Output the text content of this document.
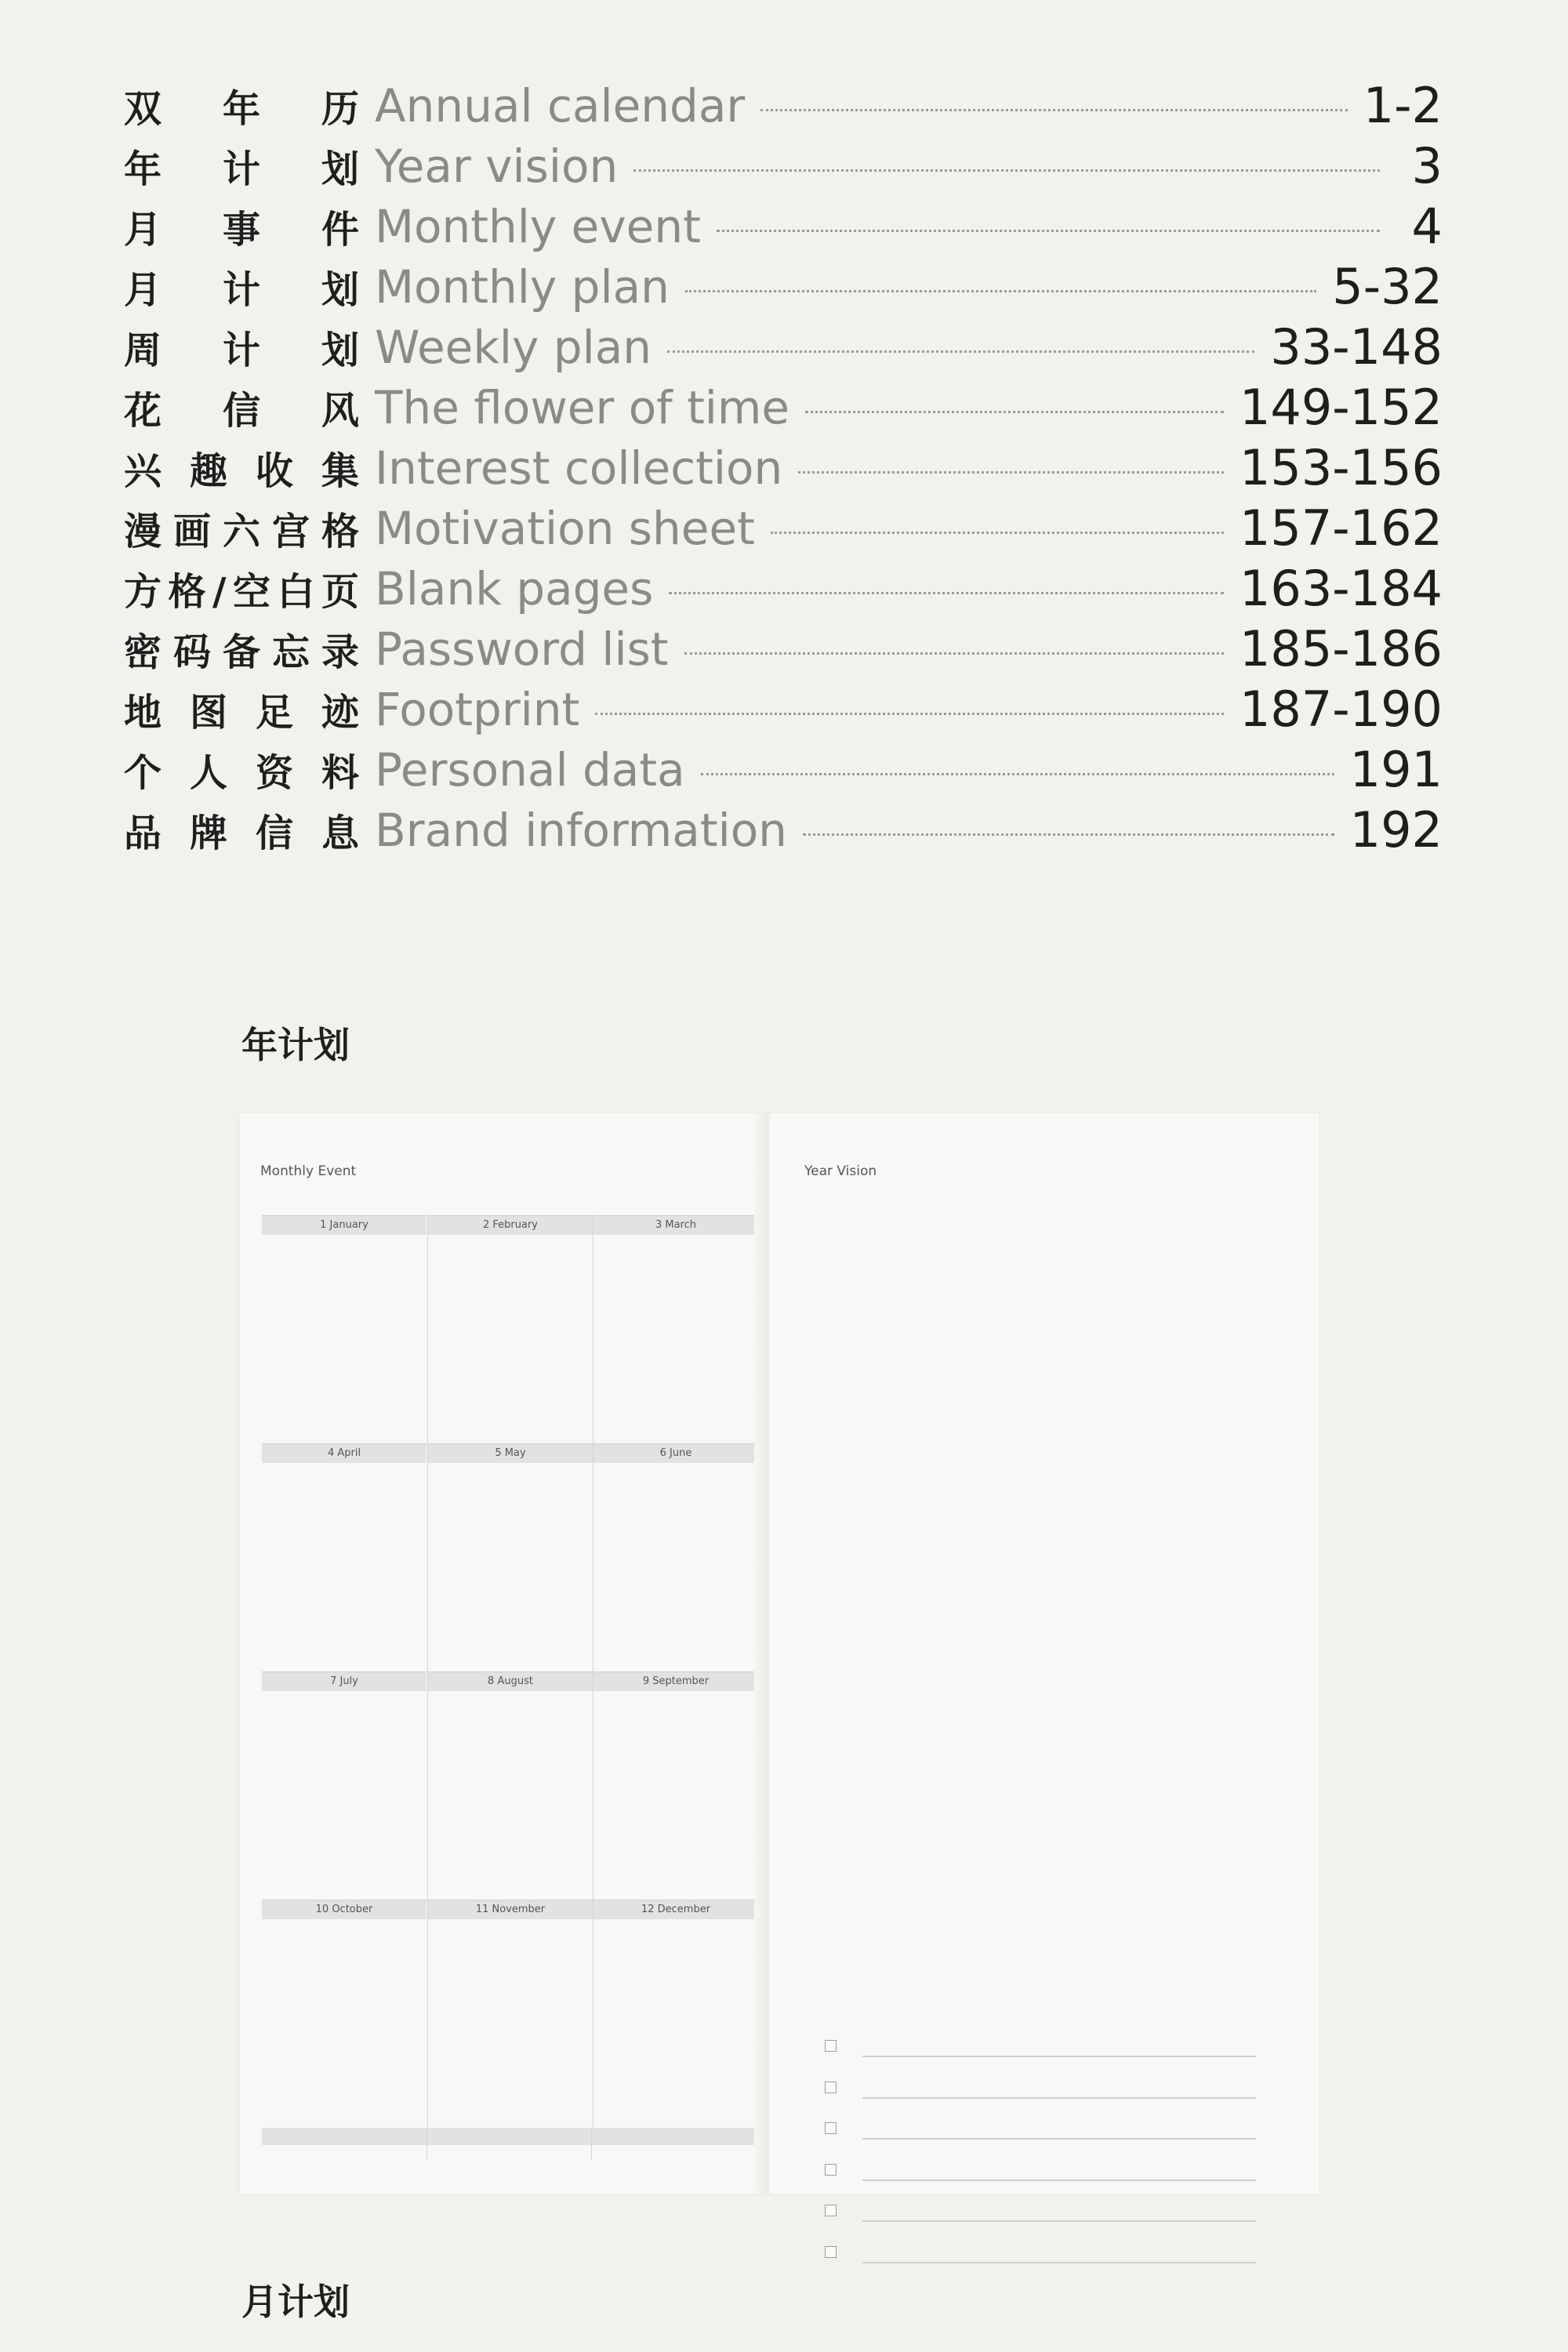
双年历 Annual calendar	1-2
年计划 Year vision	3
月事件 Monthly event	4
月计划 Monthly plan	5-32
周计划 Weekly plan	33-148
花信风 The flower of time	149-152
兴趣收集 Interest collection	153-156
漫画六宫格 Motivation sheet	157-162
方格/空白页 Blank pages	163-184
密码备忘录 Password list	185-186
地图足迹 Footprint	187-190
个人资料 Personal data	191
品牌信息 Brand information	192
年计划
Monthly Event
1 January	2 February	3 March
4 April	5 May	6 June
7 July	8 August	9 September
10 October	11 November	12 December
Year Vision
月计划
